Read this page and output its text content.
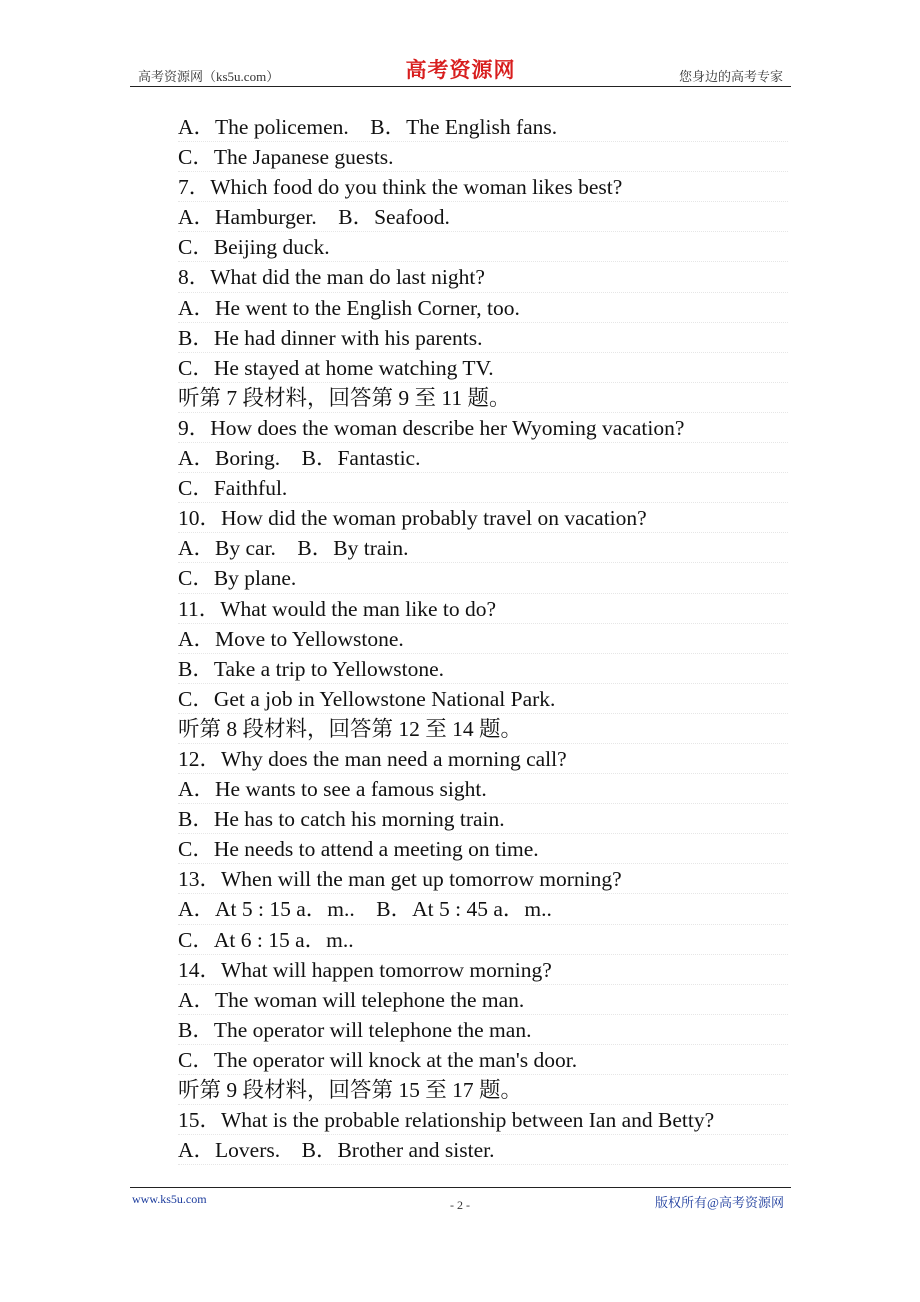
高考资源网（ks5u.com）	高考资源网	您身边的高考专家
A．The policemen.　B．The English fans.
C．The Japanese guests.
7．Which food do you think the woman likes best?
A．Hamburger.　B．Seafood.
C．Beijing duck.
8．What did the man do last night?
A．He went to the English Corner, too.
B．He had dinner with his parents.
C．He stayed at home watching TV.
听第 7 段材料，回答第 9 至 11 题。
9．How does the woman describe her Wyoming vacation?
A．Boring.　B．Fantastic.
C．Faithful.
10．How did the woman probably travel on vacation?
A．By car.　B．By train.
C．By plane.
11．What would the man like to do?
A．Move to Yellowstone.
B．Take a trip to Yellowstone.
C．Get a job in Yellowstone National Park.
听第 8 段材料，回答第 12 至 14 题。
12．Why does the man need a morning call?
A．He wants to see a famous sight.
B．He has to catch his morning train.
C．He needs to attend a meeting on time.
13．When will the man get up tomorrow morning?
A．At 5 : 15 a．m..　B．At 5 : 45 a．m..
C．At 6 : 15 a．m..
14．What will happen tomorrow morning?
A．The woman will telephone the man.
B．The operator will telephone the man.
C．The operator will knock at the man's door.
听第 9 段材料，回答第 15 至 17 题。
15．What is the probable relationship between Ian and Betty?
A．Lovers.　B．Brother and sister.
www.ks5u.com	- 2 -	版权所有@高考资源网
